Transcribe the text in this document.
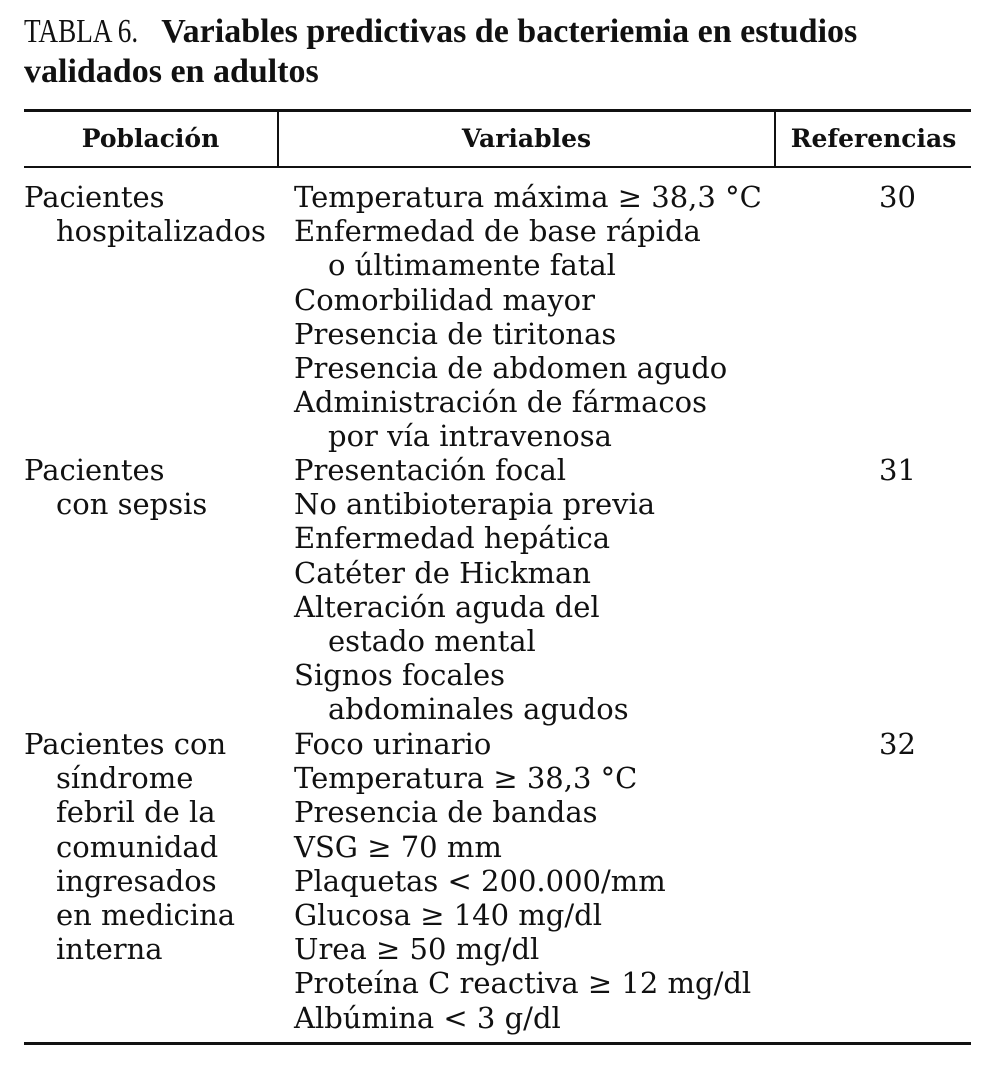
TABLA 6. Variables predictivas de bacteriemia en estudios validados en adultos
Población	Variables	Referencias
Pacientes
hospitalizados
Temperatura máxima ≥ 38,3 °C
Enfermedad de base rápida
o últimamente fatal
Comorbilidad mayor
Presencia de tiritonas
Presencia de abdomen agudo
Administración de fármacos
por vía intravenosa
30
Pacientes
con sepsis
Presentación focal
No antibioterapia previa
Enfermedad hepática
Catéter de Hickman
Alteración aguda del
estado mental
Signos focales
abdominales agudos
31
Pacientes con
síndrome
febril de la
comunidad
ingresados
en medicina
interna
Foco urinario
Temperatura ≥ 38,3 °C
Presencia de bandas
VSG ≥ 70 mm
Plaquetas < 200.000/mm
Glucosa ≥ 140 mg/dl
Urea ≥ 50 mg/dl
Proteína C reactiva ≥ 12 mg/dl
Albúmina < 3 g/dl
32
